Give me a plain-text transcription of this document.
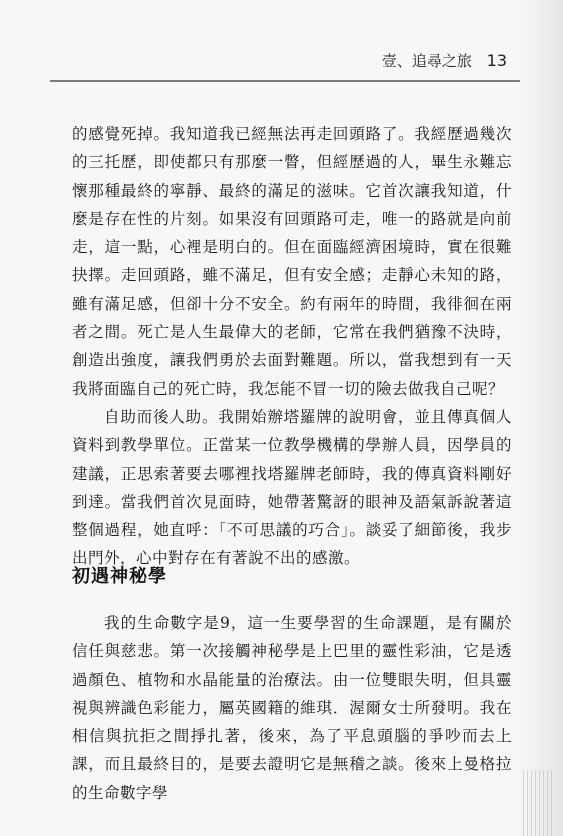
壹、追尋之旅 13

的感覺死掉。我知道我已經無法再走回頭路了。我經歷過幾次的三托歷，即使都只有那麼一瞥，但經歷過的人，畢生永難忘懷那種最終的寧靜、最終的滿足的滋味。它首次讓我知道，什麼是存在性的片刻。如果沒有回頭路可走，唯一的路就是向前走，這一點，心裡是明白的。但在面臨經濟困境時，實在很難抉擇。走回頭路，雖不滿足，但有安全感；走靜心未知的路，雖有滿足感，但卻十分不安全。約有兩年的時間，我徘徊在兩者之間。死亡是人生最偉大的老師，它常在我們猶豫不決時，創造出強度，讓我們勇於去面對難題。所以，當我想到有一天我將面臨自己的死亡時，我怎能不冒一切的險去做我自己呢？

自助而後人助。我開始辦塔羅牌的說明會，並且傳真個人資料到教學單位。正當某一位教學機構的學辦人員，因學員的建議，正思索著要去哪裡找塔羅牌老師時，我的傳真資料剛好到達。當我們首次見面時，她帶著驚訝的眼神及語氣訴說著這整個過程，她直呼：「不可思議的巧合」。談妥了細節後，我步出門外，心中對存在有著說不出的感激。

初遇神秘學

我的生命數字是9，這一生要學習的生命課題，是有關於信任與慈悲。第一次接觸神秘學是上巴里的靈性彩油，它是透過顏色、植物和水晶能量的治療法。由一位雙眼失明，但具靈視與辨識色彩能力，屬英國籍的維琪．渥爾女士所發明。我在相信與抗拒之間掙扎著，後來，為了平息頭腦的爭吵而去上課，而且最終目的，是要去證明它是無稽之談。後來上曼格拉的生命數字學
